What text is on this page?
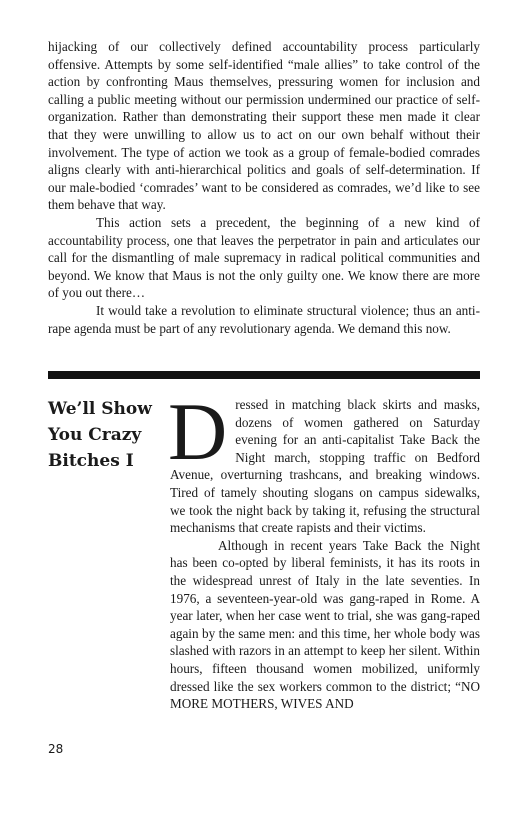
hijacking of our collectively defined accountability process particularly offensive. Attempts by some self-identified “male allies” to take control of the action by confronting Maus themselves, pressuring women for inclusion and calling a public meeting without our permission undermined our practice of self-organization. Rather than demonstrating their support these men made it clear that they were unwilling to allow us to act on our own behalf without their involvement. The type of action we took as a group of female-bodied comrades aligns clearly with anti-hierarchical politics and goals of self-determination. If our male-bodied ‘comrades’ want to be considered as comrades, we’d like to see them behave that way.

This action sets a precedent, the beginning of a new kind of accountability process, one that leaves the perpetrator in pain and articulates our call for the dismantling of male supremacy in radical political communities and beyond. We know that Maus is not the only guilty one. We know there are more of you out there…

It would take a revolution to eliminate structural violence; thus an anti-rape agenda must be part of any revolutionary agenda. We demand this now.

We’ll Show You Crazy Bitches I Dressed in matching black skirts and masks, dozens of women gathered on Saturday evening for an anti-capitalist Take Back the Night march, stopping traffic on Bedford Avenue, overturning trashcans, and breaking windows. Tired of tamely shouting slogans on campus sidewalks, we took the night back by taking it, refusing the structural mechanisms that create rapists and their victims.

Although in recent years Take Back the Night has been co-opted by liberal feminists, it has its roots in the widespread unrest of Italy in the late seventies. In 1976, a seventeen-year-old was gang-raped in Rome. A year later, when her case went to trial, she was gang-raped again by the same men: and this time, her whole body was slashed with razors in an attempt to keep her silent. Within hours, fifteen thousand women mobilized, uniformly dressed like the sex workers common to the district; “NO MORE MOTHERS, WIVES AND

28
